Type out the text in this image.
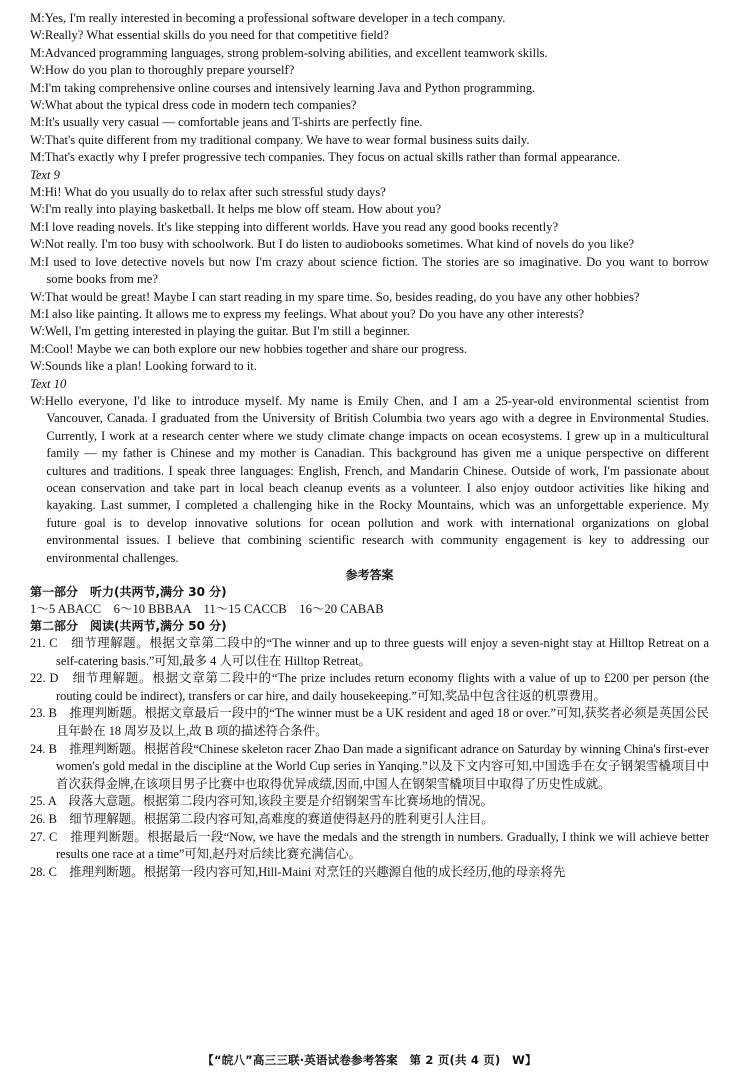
M:Yes, I'm really interested in becoming a professional software developer in a tech company.

W:Really? What essential skills do you need for that competitive field?

M:Advanced programming languages, strong problem-solving abilities, and excellent teamwork skills.

W:How do you plan to thoroughly prepare yourself?

M:I'm taking comprehensive online courses and intensively learning Java and Python programming.

W:What about the typical dress code in modern tech companies?

M:It's usually very casual — comfortable jeans and T-shirts are perfectly fine.

W:That's quite different from my traditional company. We have to wear formal business suits daily.

M:That's exactly why I prefer progressive tech companies. They focus on actual skills rather than formal appearance.

Text 9

M:Hi! What do you usually do to relax after such stressful study days?

W:I'm really into playing basketball. It helps me blow off steam. How about you?

M:I love reading novels. It's like stepping into different worlds. Have you read any good books recently?

W:Not really. I'm too busy with schoolwork. But I do listen to audiobooks sometimes. What kind of novels do you like?

M:I used to love detective novels but now I'm crazy about science fiction. The stories are so imaginative. Do you want to borrow some books from me?

W:That would be great! Maybe I can start reading in my spare time. So, besides reading, do you have any other hobbies?

M:I also like painting. It allows me to express my feelings. What about you? Do you have any other interests?

W:Well, I'm getting interested in playing the guitar. But I'm still a beginner.

M:Cool! Maybe we can both explore our new hobbies together and share our progress.

W:Sounds like a plan! Looking forward to it.

Text 10

W:Hello everyone, I'd like to introduce myself. My name is Emily Chen, and I am a 25-year-old environmental scientist from Vancouver, Canada. I graduated from the University of British Columbia two years ago with a degree in Environmental Studies. Currently, I work at a research center where we study climate change impacts on ocean ecosystems. I grew up in a multicultural family — my father is Chinese and my mother is Canadian. This background has given me a unique perspective on different cultures and traditions. I speak three languages: English, French, and Mandarin Chinese. Outside of work, I'm passionate about ocean conservation and take part in local beach cleanup events as a volunteer. I also enjoy outdoor activities like hiking and kayaking. Last summer, I completed a challenging hike in the Rocky Mountains, which was an unforgettable experience. My future goal is to develop innovative solutions for ocean pollution and work with international organizations on global environmental issues. I believe that combining scientific research with community engagement is key to addressing our environmental challenges.

参考答案

第一部分　听力(共两节,满分 30 分)

1～5 ABACC　6～10 BBBAA　11～15 CACCB　16～20 CABAB

第二部分　阅读(共两节,满分 50 分)

21. C　细节理解题。根据文章第二段中的“The winner and up to three guests will enjoy a seven-night stay at Hilltop Retreat on a self-catering basis.”可知,最多 4 人可以住在 Hilltop Retreat。

22. D　细节理解题。根据文章第二段中的“The prize includes return economy flights with a value of up to £200 per person (the routing could be indirect), transfers or car hire, and daily housekeeping.”可知,奖品中包含往返的机票费用。

23. B　推理判断题。根据文章最后一段中的“The winner must be a UK resident and aged 18 or over.”可知,获奖者必须是英国公民且年龄在 18 周岁及以上,故 B 项的描述符合条件。

24. B　推理判断题。根据首段“Chinese skeleton racer Zhao Dan made a significant adrance on Saturday by winning China's first-ever women's gold medal in the discipline at the World Cup series in Yanqing.”以及下文内容可知,中国选手在女子钢架雪橇项目中首次获得金牌,在该项目男子比赛中也取得优异成绩,因而,中国人在钢架雪橇项目中取得了历史性成就。

25. A　段落大意题。根据第二段内容可知,该段主要是介绍钢架雪车比赛场地的情况。

26. B　细节理解题。根据第二段内容可知,高难度的赛道使得赵丹的胜利更引人注目。

27. C　推理判断题。根据最后一段“Now, we have the medals and the strength in numbers. Gradually, I think we will achieve better results one race at a time”可知,赵丹对后续比赛充满信心。

28. C　推理判断题。根据第一段内容可知,Hill-Maini 对烹饪的兴趣源自他的成长经历,他的母亲将先

【“皖八”高三三联·英语试卷参考答案　第 2 页(共 4 页)　W】
